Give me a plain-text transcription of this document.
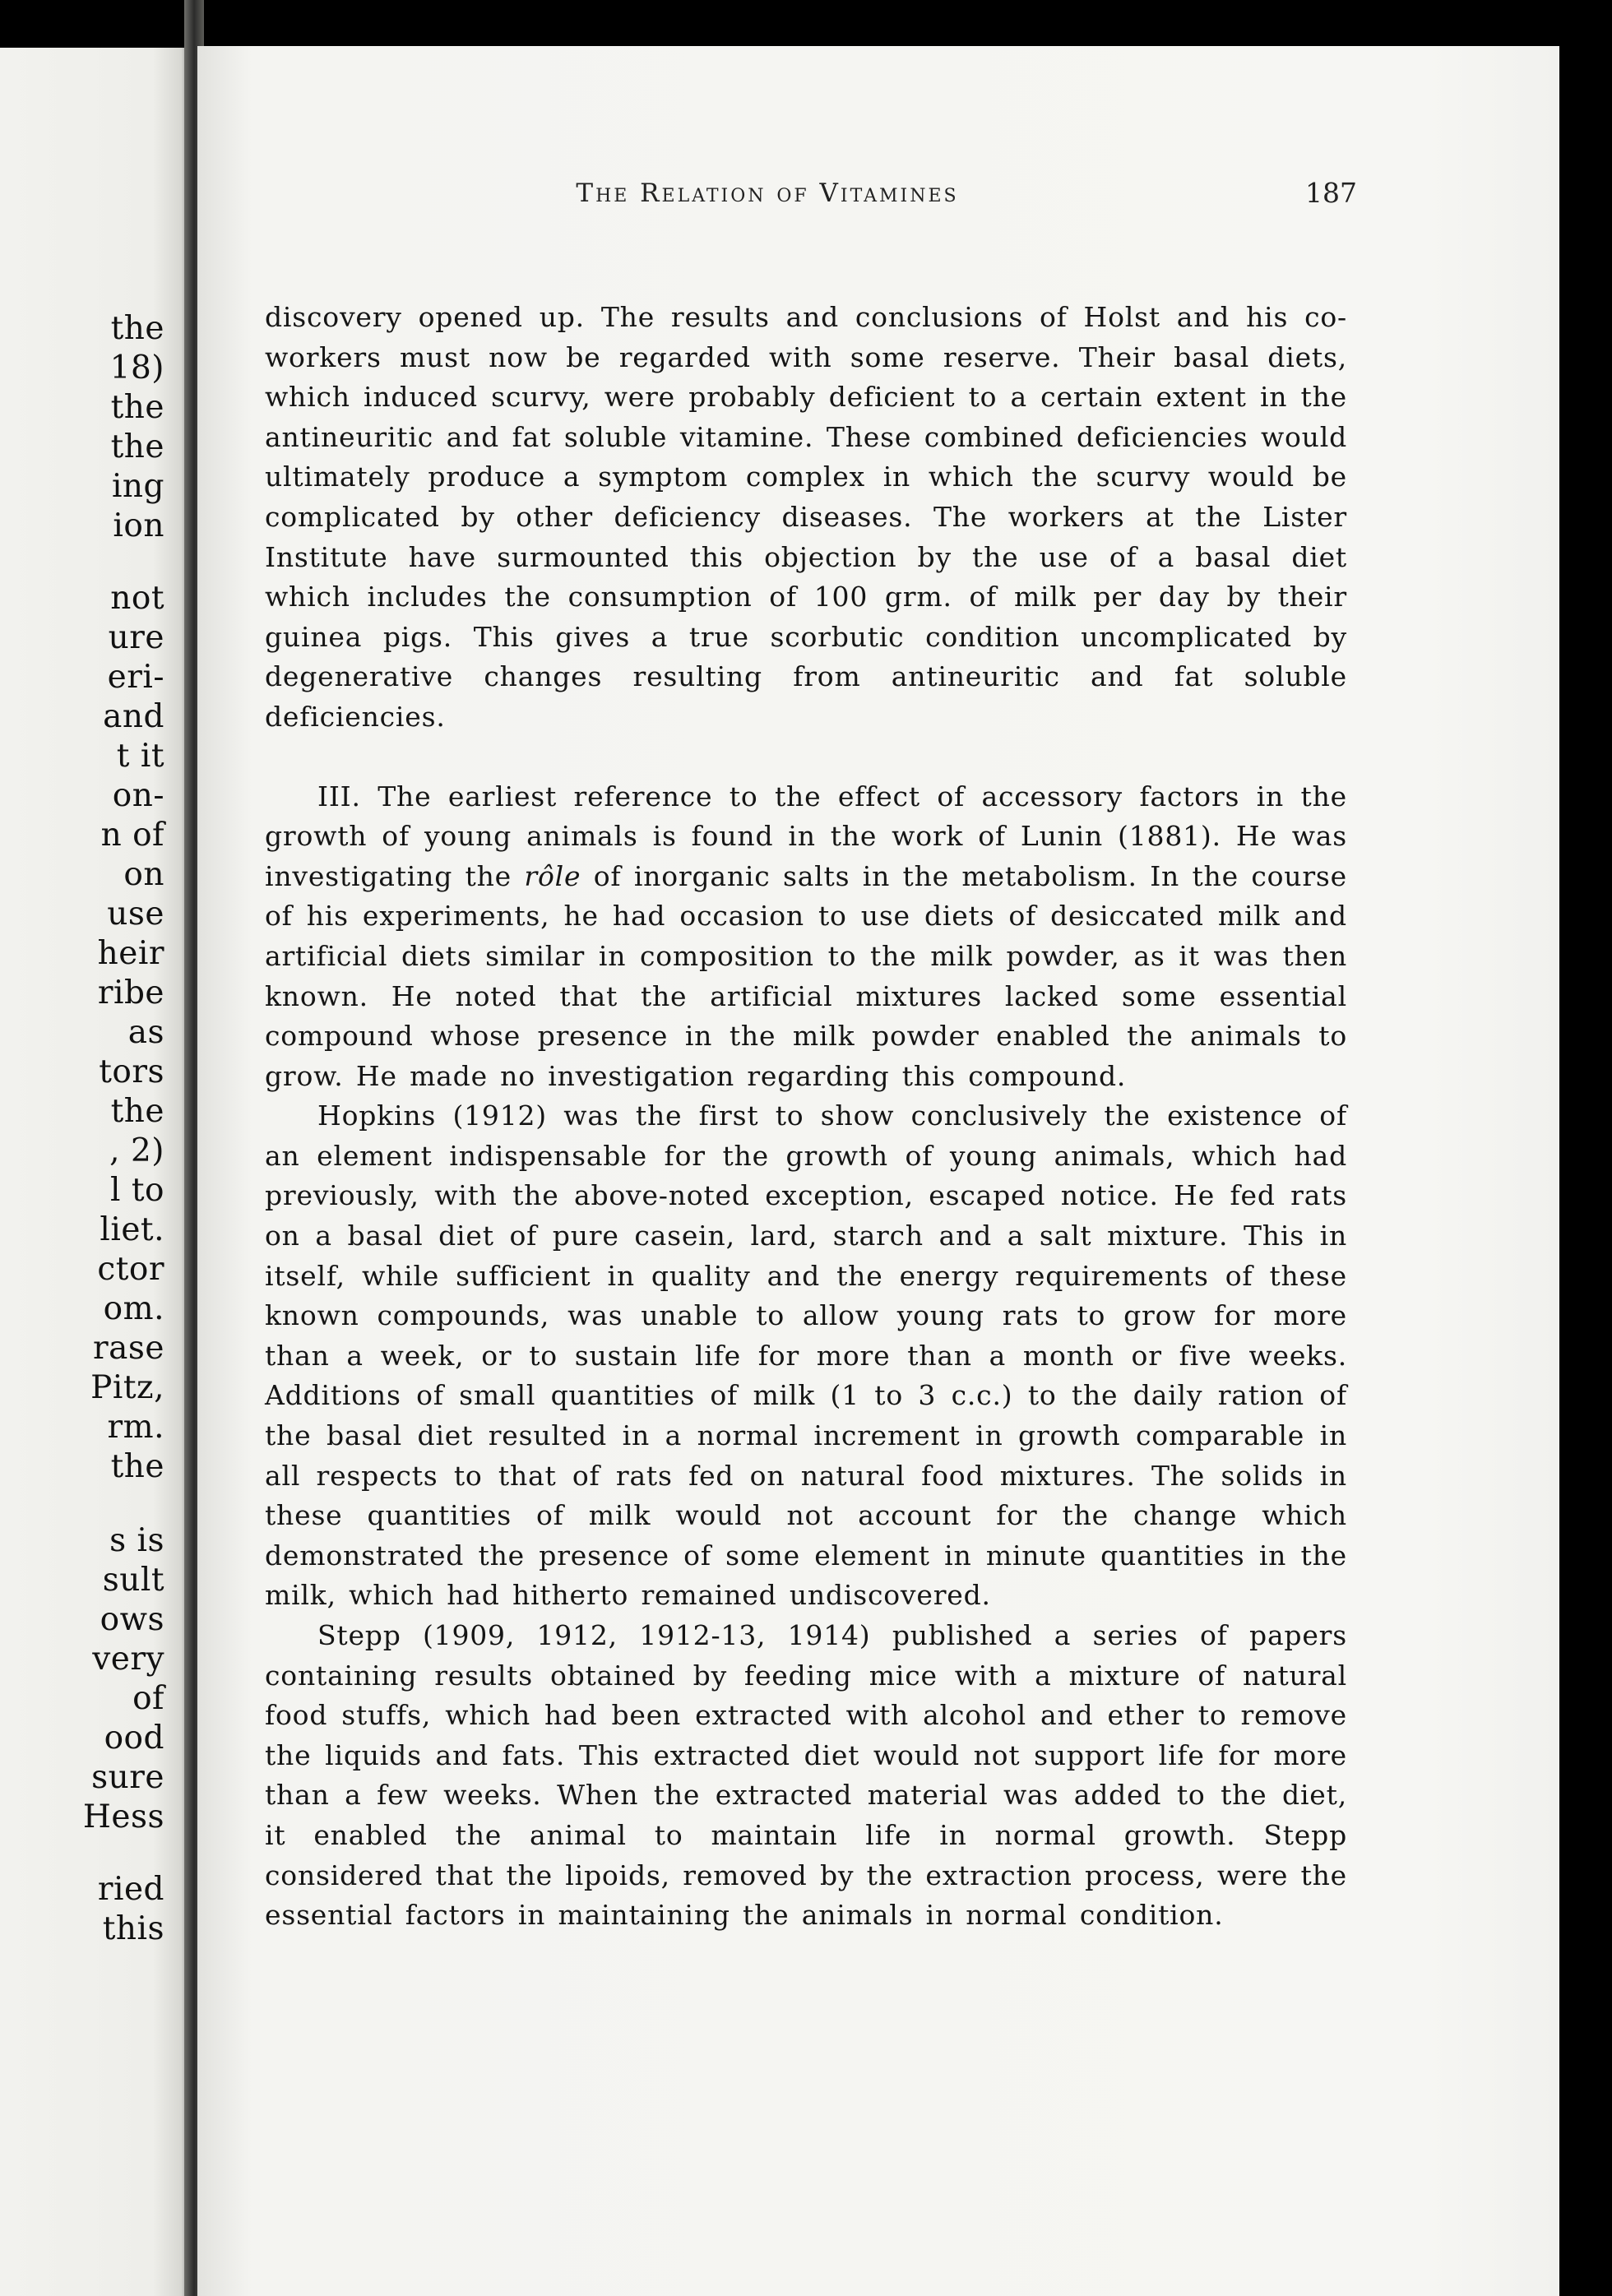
the
18)
the
the
ing
ion
not
ure
eri-
and
t it
on-
n of
on
use
heir
ribe
as
tors
the
, 2)
l to
liet.
ctor
om.
rase
Pitz,
rm.
the
s is
sult
ows
very
of
ood
sure
Hess
ried
this
The Relation of Vitamines	187

discovery opened up. The results and conclusions of Holst and his co-workers must now be regarded with some reserve. Their basal diets, which induced scurvy, were probably deficient to a certain extent in the antineuritic and fat soluble vitamine. These combined deficiencies would ultimately produce a symptom complex in which the scurvy would be complicated by other deficiency diseases. The workers at the Lister Institute have surmounted this objection by the use of a basal diet which includes the consumption of 100 grm. of milk per day by their guinea pigs. This gives a true scorbutic condition uncomplicated by degenerative changes resulting from antineuritic and fat soluble deficiencies.

III. The earliest reference to the effect of accessory factors in the growth of young animals is found in the work of Lunin (1881). He was investigating the rôle of inorganic salts in the metabolism. In the course of his experiments, he had occasion to use diets of desiccated milk and artificial diets similar in composition to the milk powder, as it was then known. He noted that the artificial mixtures lacked some essential compound whose presence in the milk powder enabled the animals to grow. He made no investigation regarding this compound.

Hopkins (1912) was the first to show conclusively the existence of an element indispensable for the growth of young animals, which had previously, with the above-noted exception, escaped notice. He fed rats on a basal diet of pure casein, lard, starch and a salt mixture. This in itself, while sufficient in quality and the energy requirements of these known compounds, was unable to allow young rats to grow for more than a week, or to sustain life for more than a month or five weeks. Additions of small quantities of milk (1 to 3 c.c.) to the daily ration of the basal diet resulted in a normal increment in growth comparable in all respects to that of rats fed on natural food mixtures. The solids in these quantities of milk would not account for the change which demonstrated the presence of some element in minute quantities in the milk, which had hitherto remained undiscovered.

Stepp (1909, 1912, 1912-13, 1914) published a series of papers containing results obtained by feeding mice with a mixture of natural food stuffs, which had been extracted with alcohol and ether to remove the liquids and fats. This extracted diet would not support life for more than a few weeks. When the extracted material was added to the diet, it enabled the animal to maintain life in normal growth. Stepp considered that the lipoids, removed by the extraction process, were the essential factors in maintaining the animals in normal condition.
